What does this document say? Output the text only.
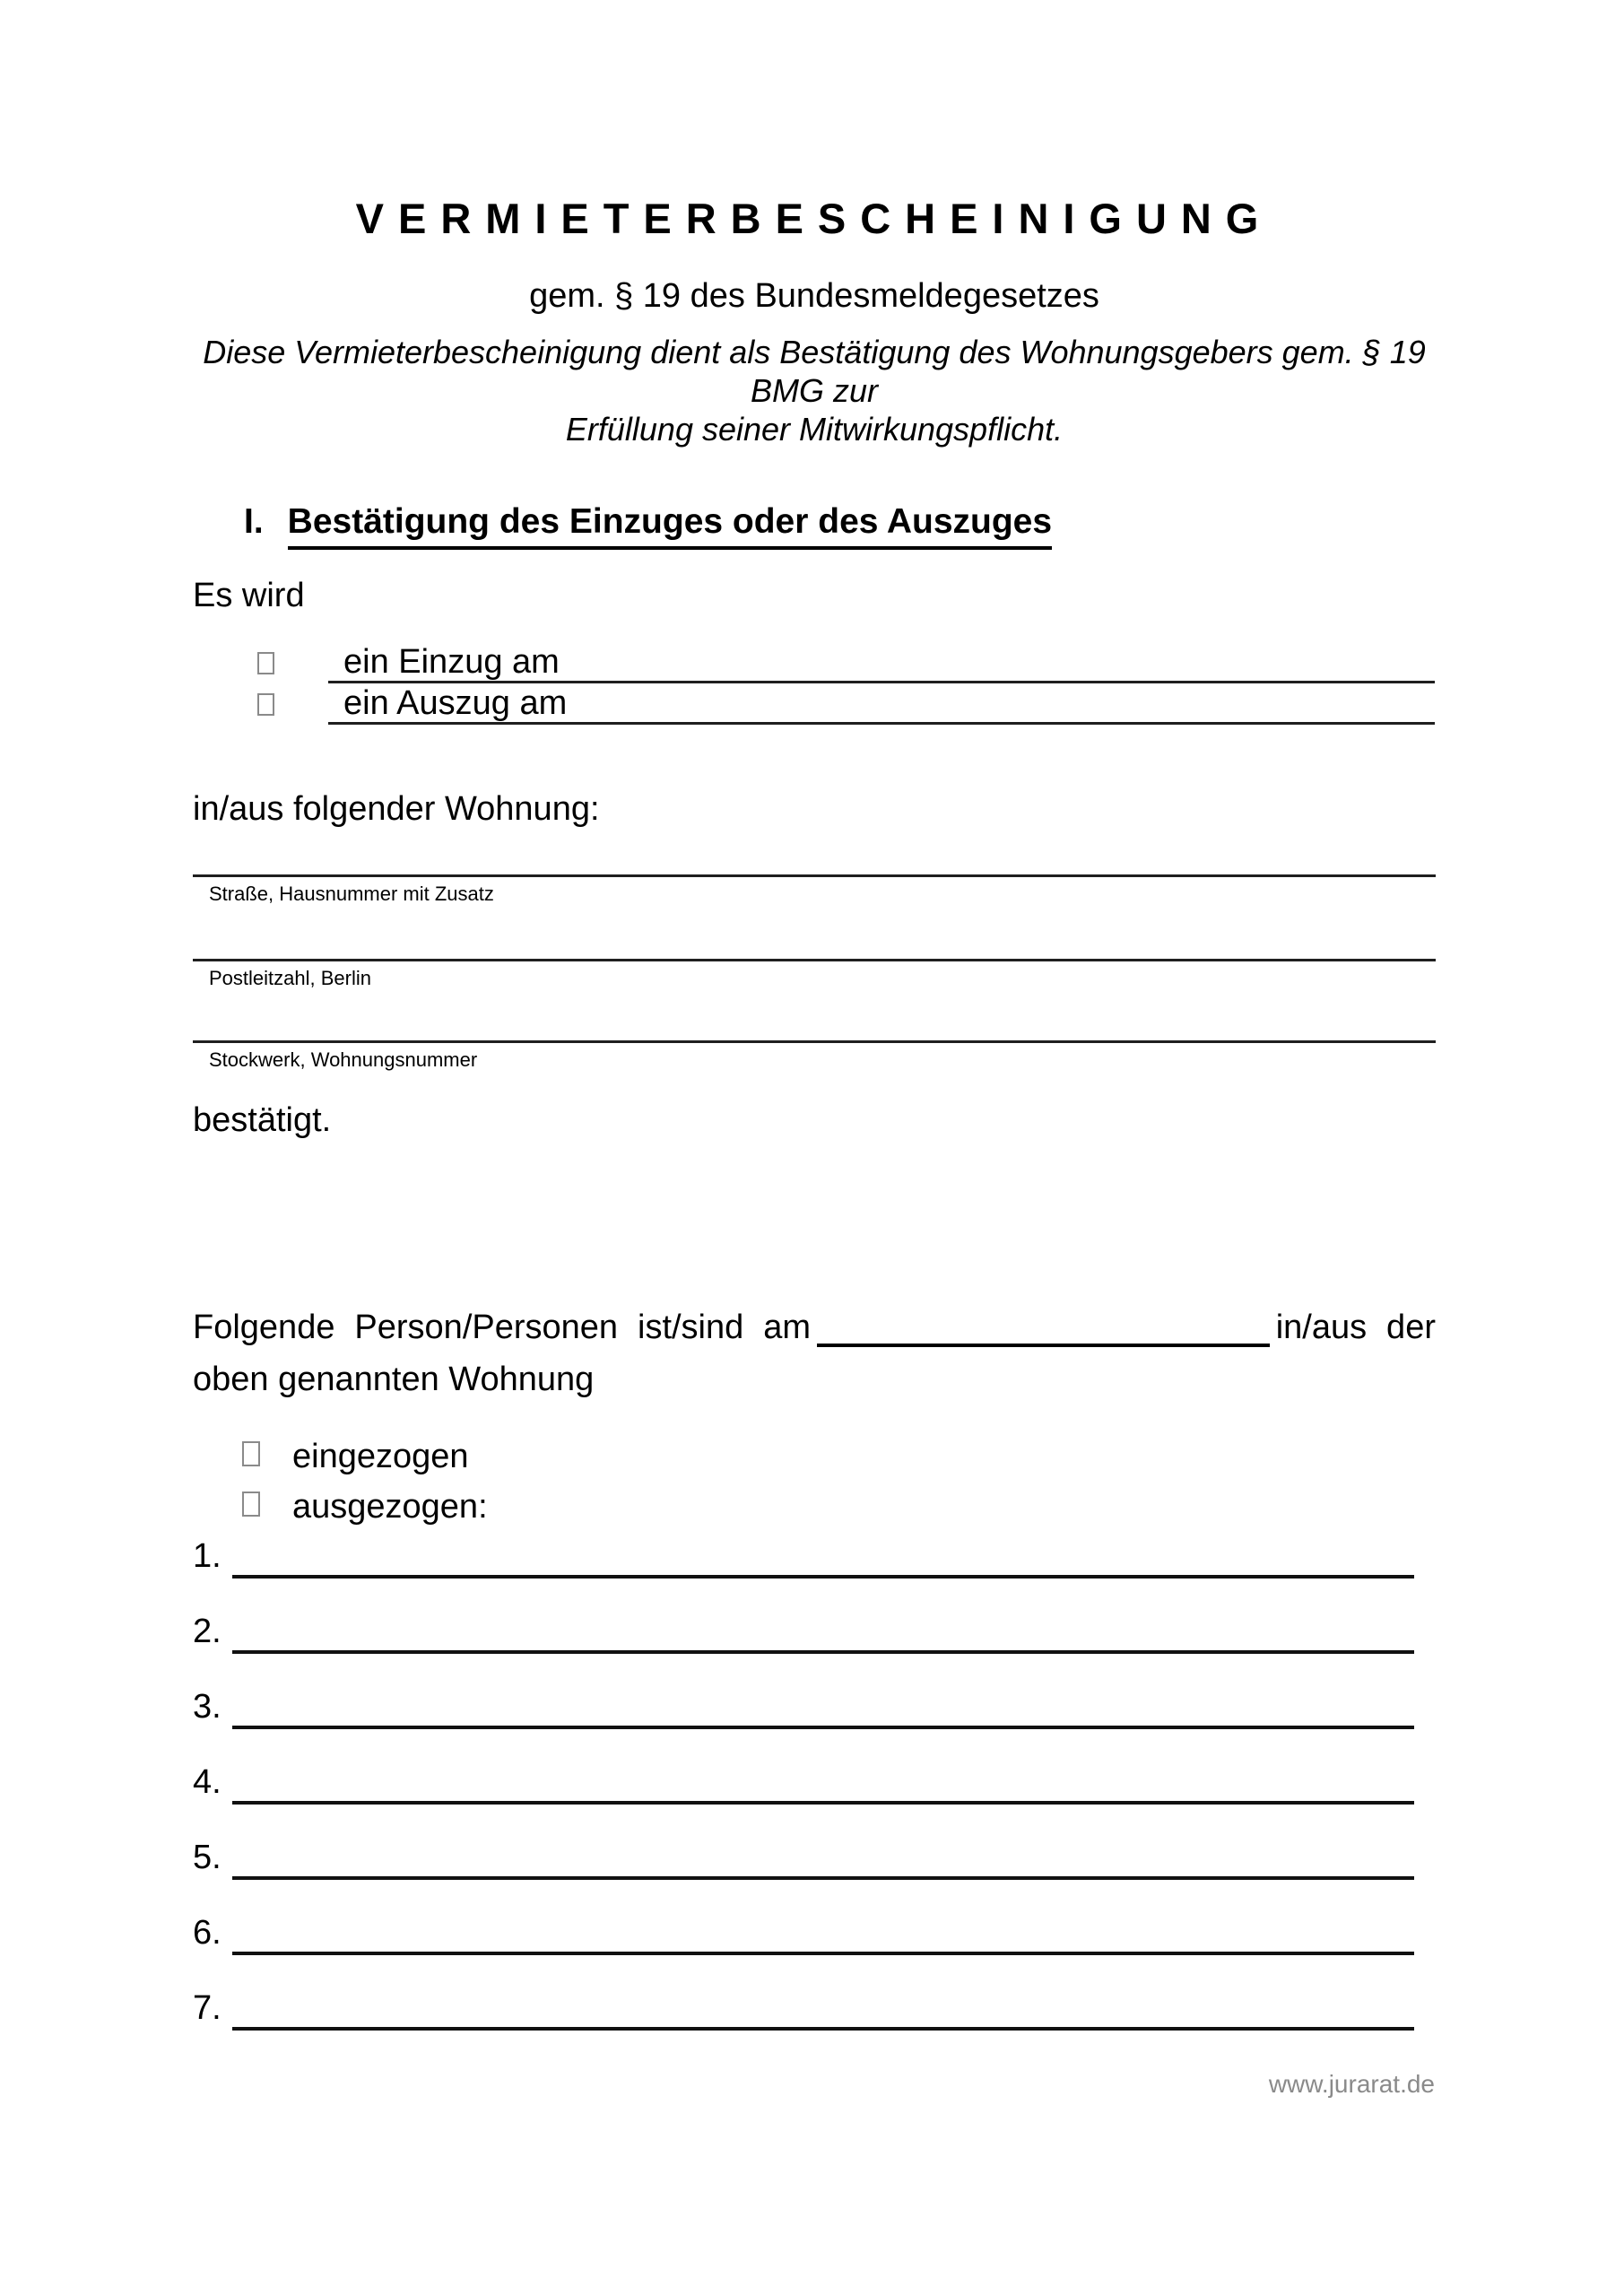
VERMIETERBESCHEINIGUNG
gem. § 19 des Bundesmeldegesetzes
Diese Vermieterbescheinigung dient als Bestätigung des Wohnungsgebers gem. § 19 BMG zur
Erfüllung seiner Mitwirkungspflicht.
I. Bestätigung des Einzuges oder des Auszuges
Es wird
ein Einzug am
ein Auszug am
in/aus folgender Wohnung:
Straße, Hausnummer mit Zusatz
Postleitzahl, Berlin
Stockwerk, Wohnungsnummer
bestätigt.
Folgende Person/Personen ist/sind am	in/aus der
oben genannten Wohnung
eingezogen
ausgezogen:
1.
2.
3.
4.
5.
6.
7.
www.jurarat.de
